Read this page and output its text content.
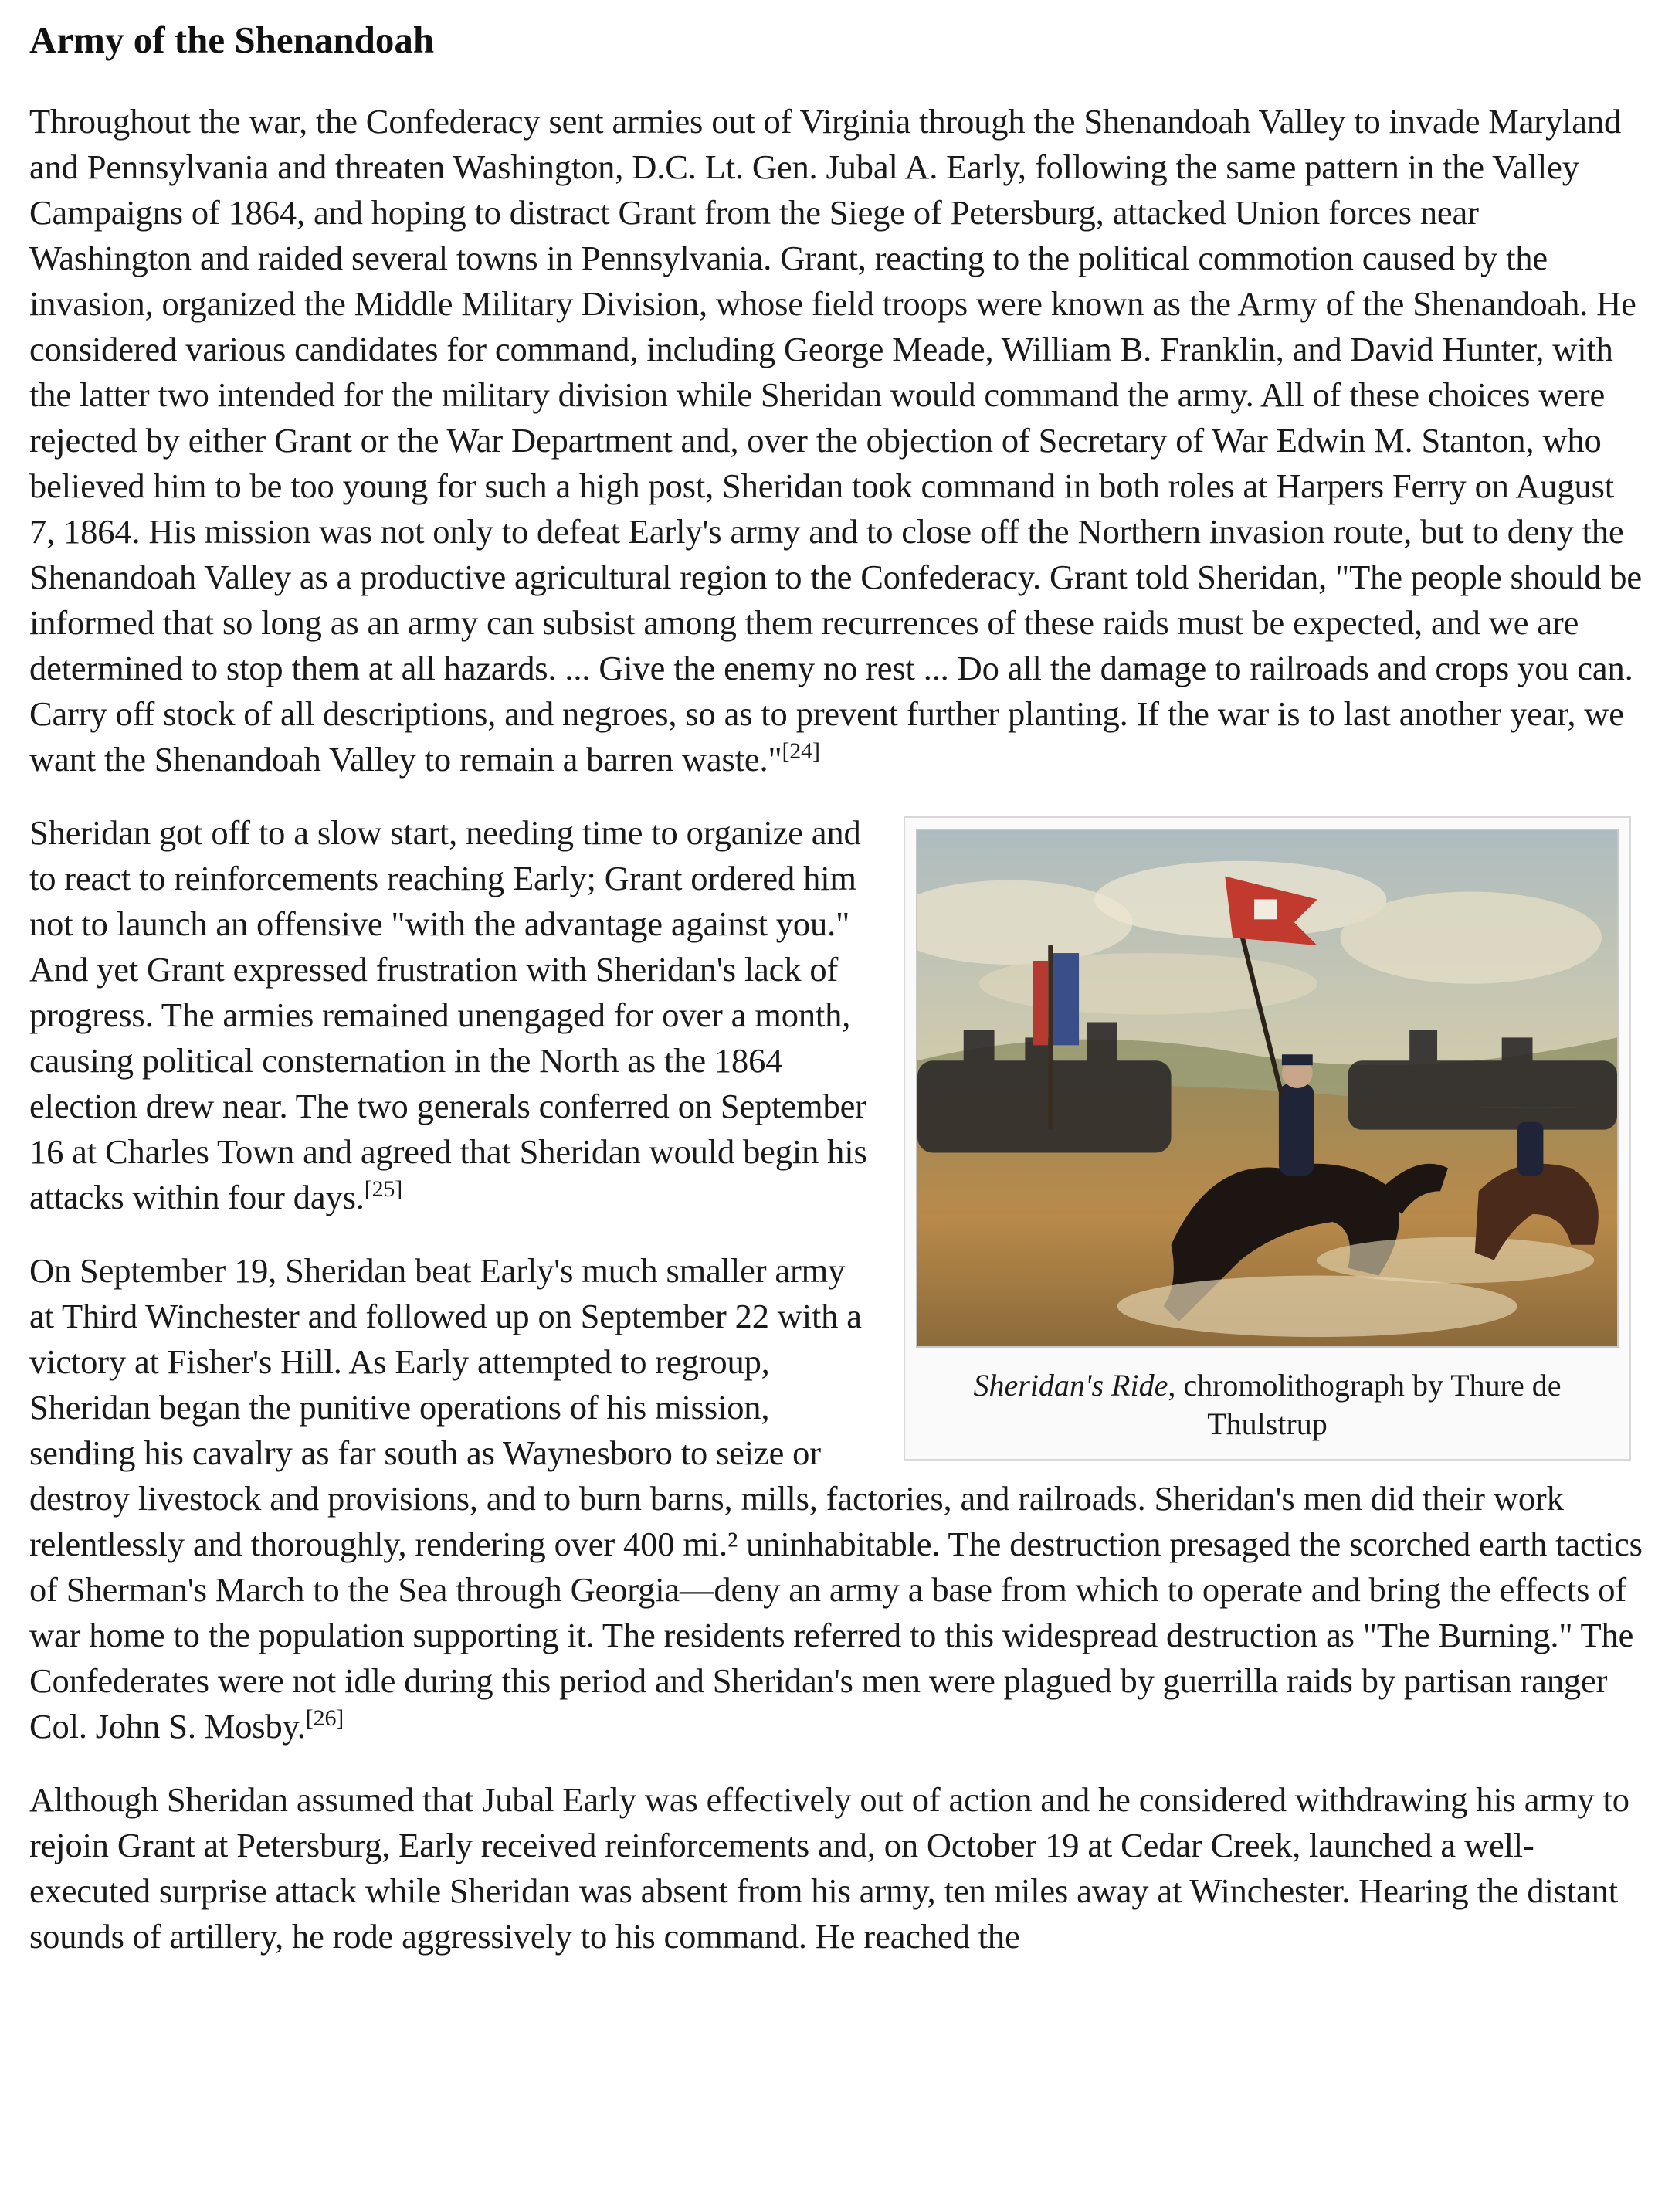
Army of the Shenandoah

Throughout the war, the Confederacy sent armies out of Virginia through the Shenandoah Valley to invade Maryland and Pennsylvania and threaten Washington, D.C. Lt. Gen. Jubal A. Early, following the same pattern in the Valley Campaigns of 1864, and hoping to distract Grant from the Siege of Petersburg, attacked Union forces near Washington and raided several towns in Pennsylvania. Grant, reacting to the political commotion caused by the invasion, organized the Middle Military Division, whose field troops were known as the Army of the Shenandoah. He considered various candidates for command, including George Meade, William B. Franklin, and David Hunter, with the latter two intended for the military division while Sheridan would command the army. All of these choices were rejected by either Grant or the War Department and, over the objection of Secretary of War Edwin M. Stanton, who believed him to be too young for such a high post, Sheridan took command in both roles at Harpers Ferry on August 7, 1864. His mission was not only to defeat Early's army and to close off the Northern invasion route, but to deny the Shenandoah Valley as a productive agricultural region to the Confederacy. Grant told Sheridan, "The people should be informed that so long as an army can subsist among them recurrences of these raids must be expected, and we are determined to stop them at all hazards. ... Give the enemy no rest ... Do all the damage to railroads and crops you can. Carry off stock of all descriptions, and negroes, so as to prevent further planting. If the war is to last another year, we want the Shenandoah Valley to remain a barren waste."[24]

Sheridan's Ride, chromolithograph by Thure de Thulstrup

Sheridan got off to a slow start, needing time to organize and to react to reinforcements reaching Early; Grant ordered him not to launch an offensive "with the advantage against you." And yet Grant expressed frustration with Sheridan's lack of progress. The armies remained unengaged for over a month, causing political consternation in the North as the 1864 election drew near. The two generals conferred on September 16 at Charles Town and agreed that Sheridan would begin his attacks within four days.[25]

On September 19, Sheridan beat Early's much smaller army at Third Winchester and followed up on September 22 with a victory at Fisher's Hill. As Early attempted to regroup, Sheridan began the punitive operations of his mission, sending his cavalry as far south as Waynesboro to seize or destroy livestock and provisions, and to burn barns, mills, factories, and railroads. Sheridan's men did their work relentlessly and thoroughly, rendering over 400 mi.² uninhabitable. The destruction presaged the scorched earth tactics of Sherman's March to the Sea through Georgia—deny an army a base from which to operate and bring the effects of war home to the population supporting it. The residents referred to this widespread destruction as "The Burning." The Confederates were not idle during this period and Sheridan's men were plagued by guerrilla raids by partisan ranger Col. John S. Mosby.[26]

Although Sheridan assumed that Jubal Early was effectively out of action and he considered withdrawing his army to rejoin Grant at Petersburg, Early received reinforcements and, on October 19 at Cedar Creek, launched a well-executed surprise attack while Sheridan was absent from his army, ten miles away at Winchester. Hearing the distant sounds of artillery, he rode aggressively to his command. He reached the
